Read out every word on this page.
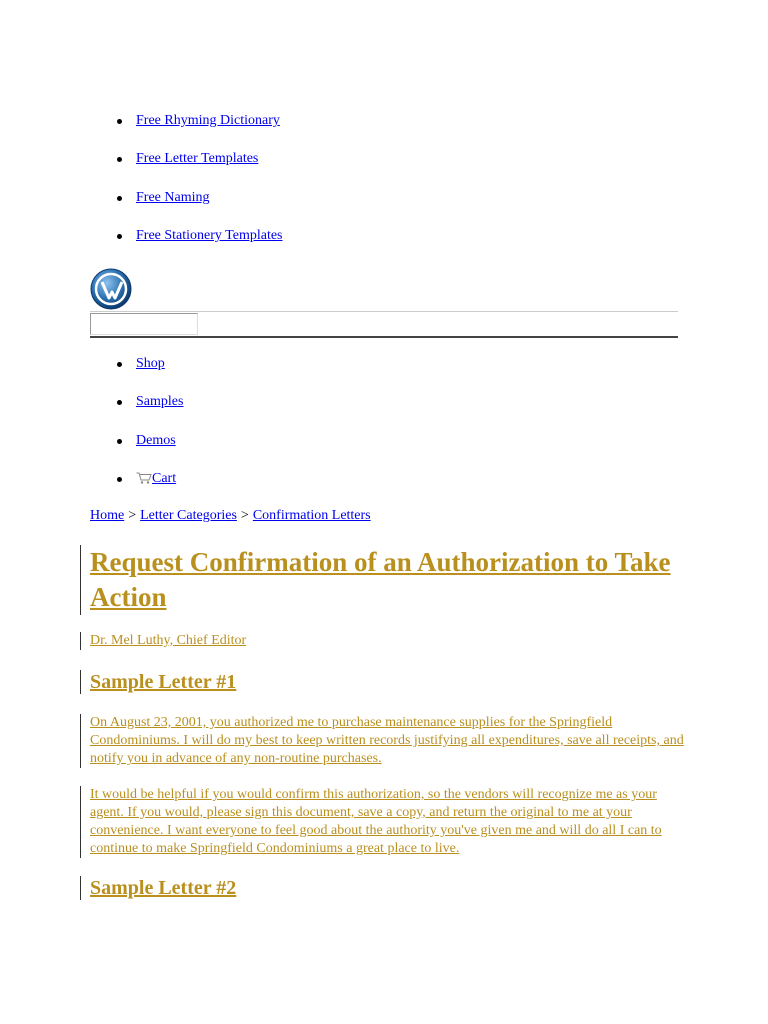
Free Rhyming Dictionary
Free Letter Templates
Free Naming
Free Stationery Templates
Shop
Samples
Demos
Cart
Home > Letter Categories > Confirmation Letters
Request Confirmation of an Authorization to Take Action
Dr. Mel Luthy, Chief Editor
Sample Letter #1
On August 23, 2001, you authorized me to purchase maintenance supplies for the Springfield Condominiums. I will do my best to keep written records justifying all expenditures, save all receipts, and notify you in advance of any non-routine purchases.
It would be helpful if you would confirm this authorization, so the vendors will recognize me as your agent. If you would, please sign this document, save a copy, and return the original to me at your convenience. I want everyone to feel good about the authority you've given me and will do all I can to continue to make Springfield Condominiums a great place to live.
Sample Letter #2
